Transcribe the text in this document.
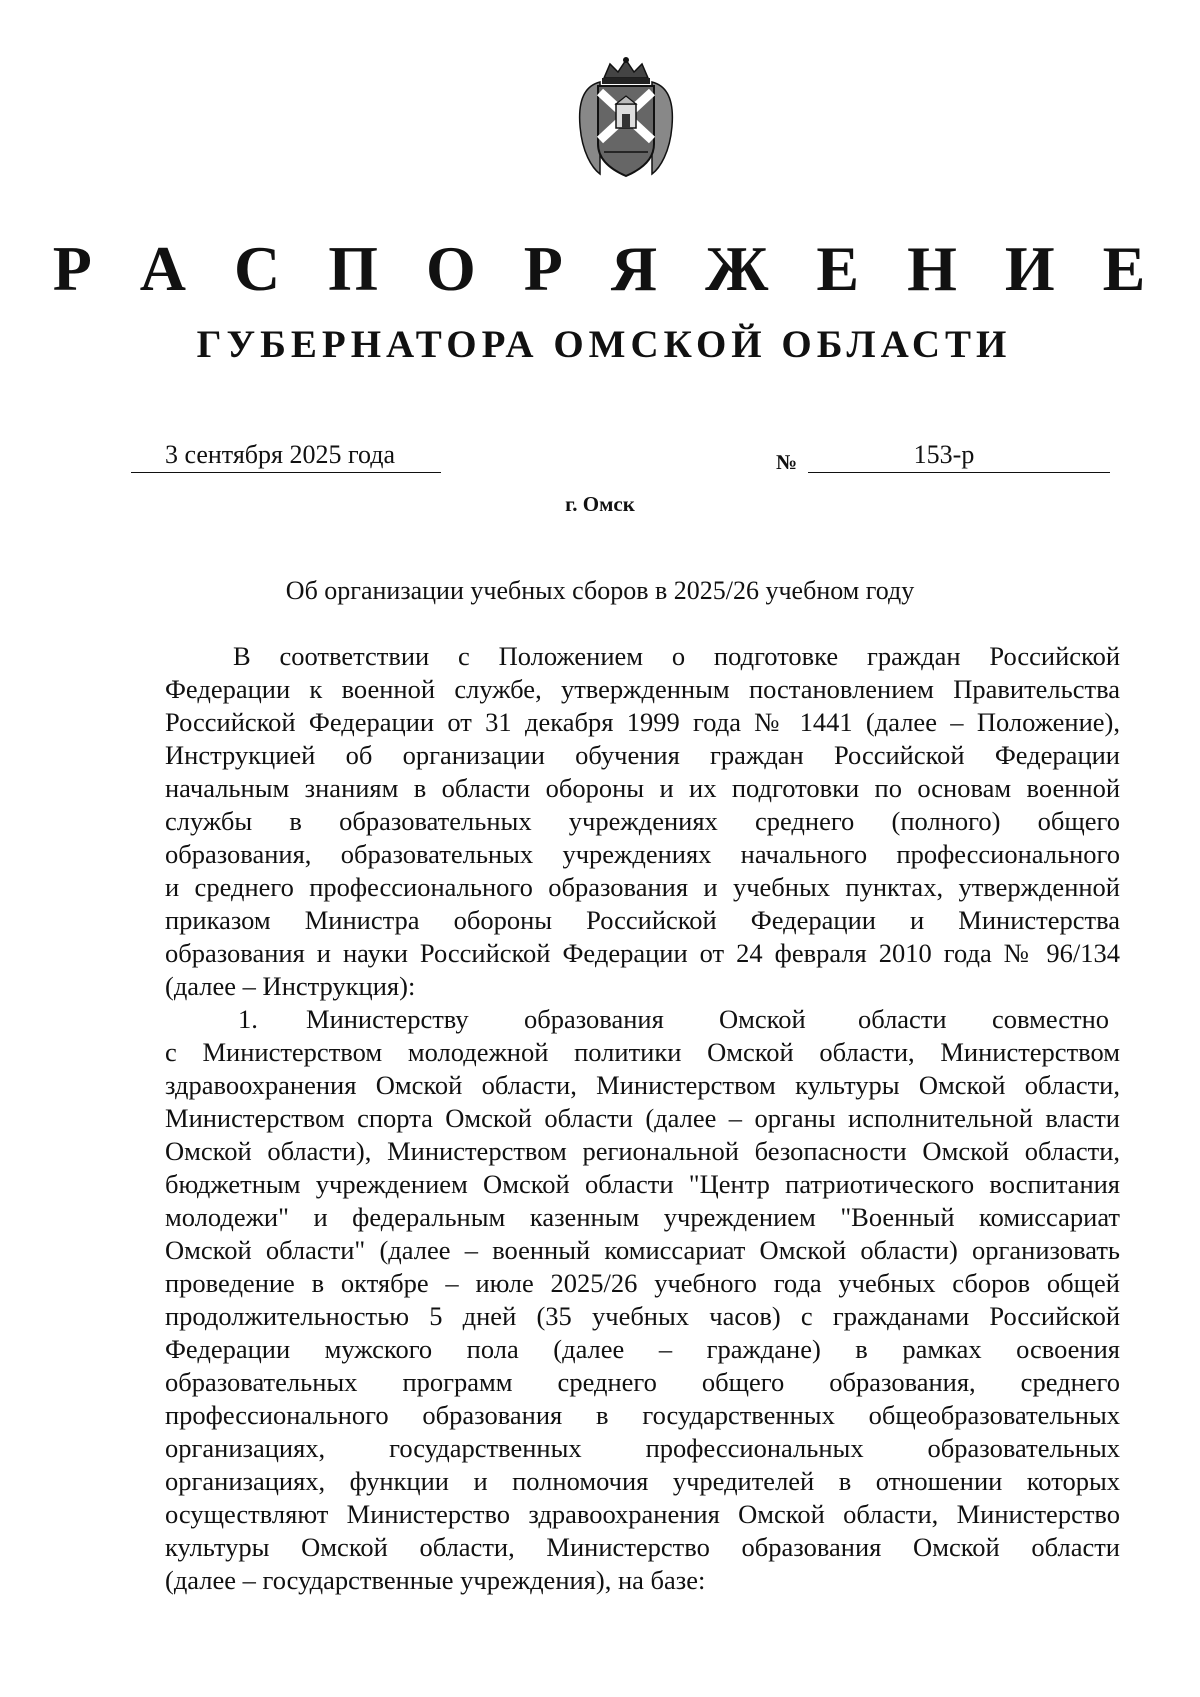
Р А С П О Р Я Ж Е Н И Е
ГУБЕРНАТОРА ОМСКОЙ ОБЛАСТИ
3 сентября 2025 года	№	153-р
г. Омск
Об организации учебных сборов в 2025/26 учебном году
В соответствии с Положением о подготовке граждан Российской
Федерации к военной службе, утвержденным постановлением Правительства
Российской Федерации от 31 декабря 1999 года № 1441 (далее – Положение),
Инструкцией об организации обучения граждан Российской Федерации
начальным знаниям в области обороны и их подготовки по основам военной
службы в образовательных учреждениях среднего (полного) общего
образования, образовательных учреждениях начального профессионального
и среднего профессионального образования и учебных пунктах, утвержденной
приказом Министра обороны Российской Федерации и Министерства
образования и науки Российской Федерации от 24 февраля 2010 года № 96/134
(далее – Инструкция):
1. Министерству образования Омской области совместно
с Министерством молодежной политики Омской области, Министерством
здравоохранения Омской области, Министерством культуры Омской области,
Министерством спорта Омской области (далее – органы исполнительной власти
Омской области), Министерством региональной безопасности Омской области,
бюджетным учреждением Омской области "Центр патриотического воспитания
молодежи" и федеральным казенным учреждением "Военный комиссариат
Омской области" (далее – военный комиссариат Омской области) организовать
проведение в октябре – июле 2025/26 учебного года учебных сборов общей
продолжительностью 5 дней (35 учебных часов) с гражданами Российской
Федерации мужского пола (далее – граждане) в рамках освоения
образовательных программ среднего общего образования, среднего
профессионального образования в государственных общеобразовательных
организациях, государственных профессиональных образовательных
организациях, функции и полномочия учредителей в отношении которых
осуществляют Министерство здравоохранения Омской области, Министерство
культуры Омской области, Министерство образования Омской области
(далее – государственные учреждения), на базе:
